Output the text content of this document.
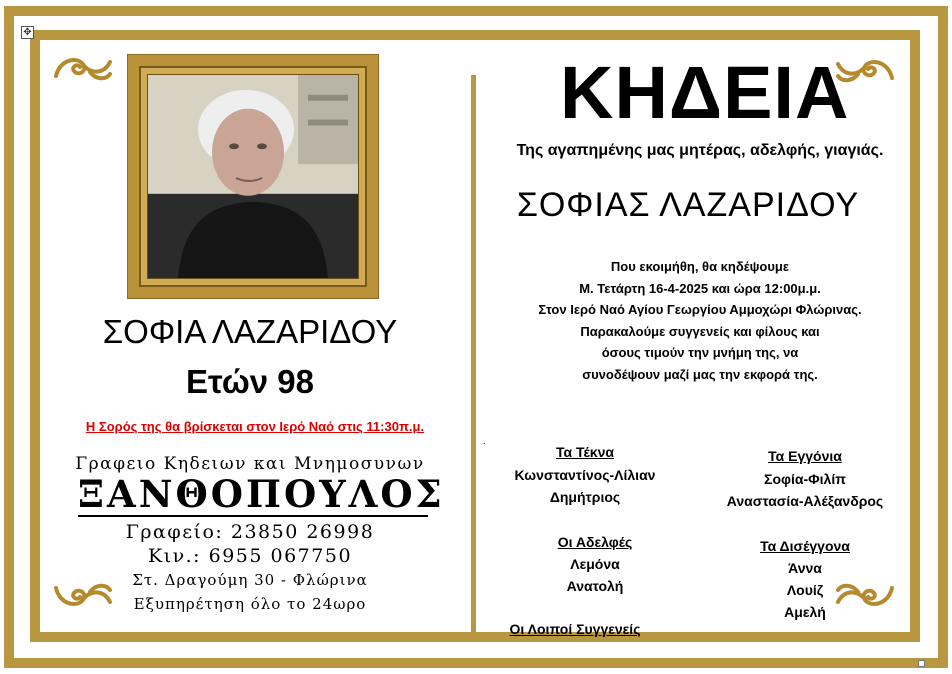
✥
ΣΟΦΙΑ ΛΑΖΑΡΙΔΟΥ
Ετών 98
Η Σορός της θα βρίσκεται στον Ιερό Ναό στις 11:30π.μ.
.
Γραφειο Κηδειων και Μνημοσυνων
ΞΑΝΘΟΠΟΥΛΟΣ
Γραφείο: 23850 26998
Κιν.: 6955 067750
Στ. Δραγούμη 30 - Φλώρινα
Εξυπηρέτηση όλο το 24ωρο
ΚΗΔΕΙΑ
Της αγαπημένης μας μητέρας, αδελφής, γιαγιάς.
ΣΟΦΙΑΣ ΛΑΖΑΡΙΔΟΥ
Που εκοιμήθη, θα κηδέψουμε
Μ. Τετάρτη 16-4-2025 και ώρα 12:00μ.μ.
Στον Ιερό Ναό Αγίου Γεωργίου Αμμοχώρι Φλώρινας.
Παρακαλούμε συγγενείς και φίλους και
όσους τιμούν την μνήμη της, να
συνοδέψουν μαζί μας την εκφορά της.
Τα Τέκνα
Κωνσταντίνος-Λίλιαν
Δημήτριος
Τα Εγγόνια
Σοφία-Φιλίπ
Αναστασία-Αλέξανδρος
Οι Αδελφές
Λεμόνα
Ανατολή
Τα Δισέγγονα
Άννα
Λουίζ
Αμελή
Οι Λοιποί Συγγενείς
